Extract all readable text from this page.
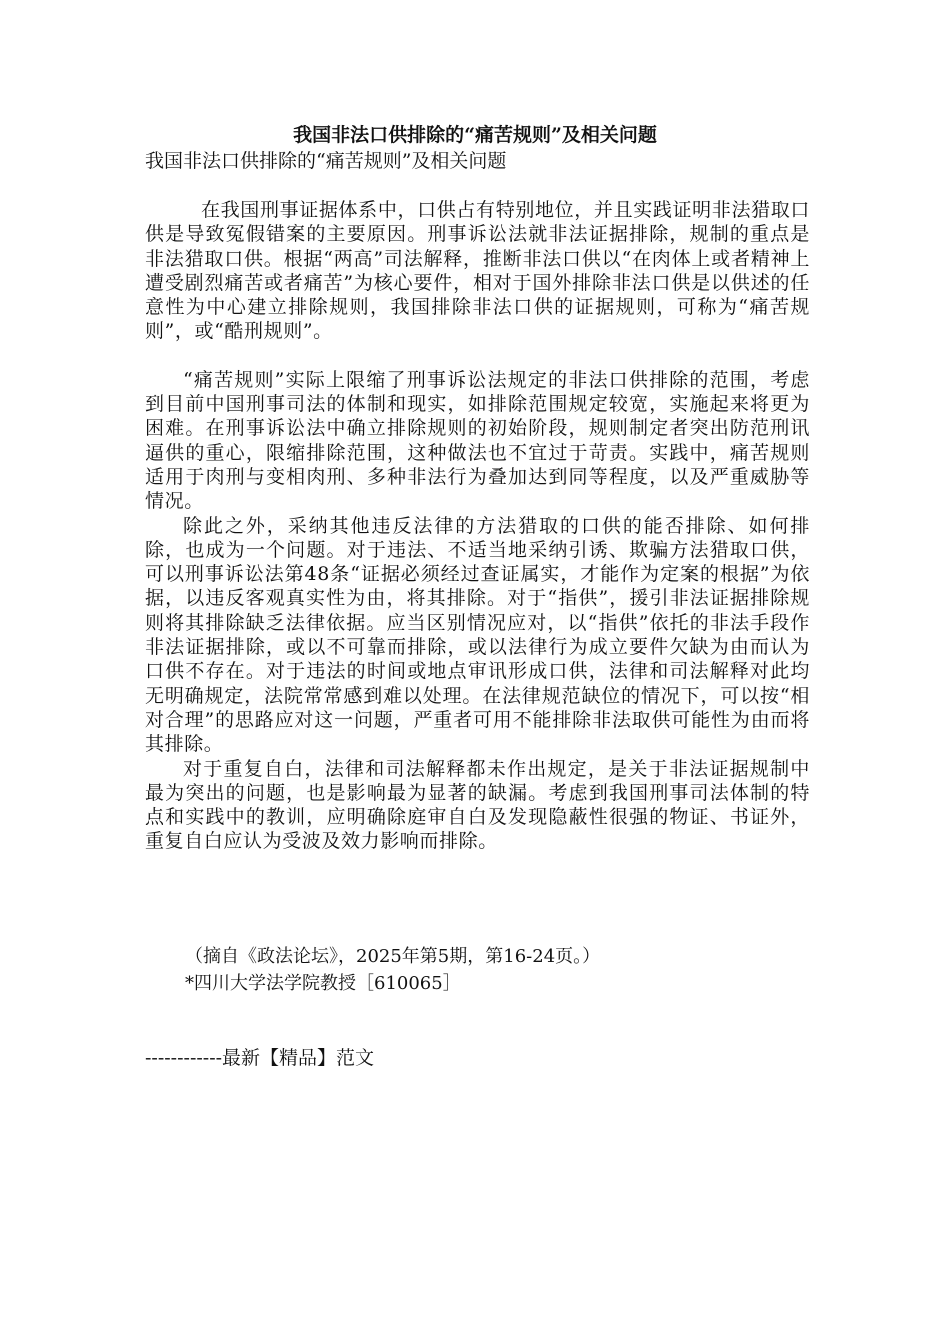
我国非法口供排除的“痛苦规则”及相关问题
我国非法口供排除的“痛苦规则”及相关问题

在我国刑事证据体系中，口供占有特别地位，并且实践证明非法猎取口供是导致冤假错案的主要原因。刑事诉讼法就非法证据排除，规制的重点是非法猎取口供。根据“两高”司法解释，推断非法口供以“在肉体上或者精神上遭受剧烈痛苦或者痛苦”为核心要件，相对于国外排除非法口供是以供述的任意性为中心建立排除规则，我国排除非法口供的证据规则，可称为“痛苦规则”，或“酷刑规则”。

“痛苦规则”实际上限缩了刑事诉讼法规定的非法口供排除的范围，考虑到目前中国刑事司法的体制和现实，如排除范围规定较宽，实施起来将更为困难。在刑事诉讼法中确立排除规则的初始阶段，规则制定者突出防范刑讯逼供的重心，限缩排除范围，这种做法也不宜过于苛责。实践中，痛苦规则适用于肉刑与变相肉刑、多种非法行为叠加达到同等程度，以及严重威胁等情况。

除此之外，采纳其他违反法律的方法猎取的口供的能否排除、如何排除，也成为一个问题。对于违法、不适当地采纳引诱、欺骗方法猎取口供，可以刑事诉讼法第48条“证据必须经过查证属实，才能作为定案的根据”为依据，以违反客观真实性为由，将其排除。对于“指供”，援引非法证据排除规则将其排除缺乏法律依据。应当区别情况应对，以“指供”依托的非法手段作非法证据排除，或以不可靠而排除，或以法律行为成立要件欠缺为由而认为口供不存在。对于违法的时间或地点审讯形成口供，法律和司法解释对此均无明确规定，法院常常感到难以处理。在法律规范缺位的情况下，可以按“相对合理”的思路应对这一问题，严重者可用不能排除非法取供可能性为由而将其排除。

对于重复自白，法律和司法解释都未作出规定，是关于非法证据规制中最为突出的问题，也是影响最为显著的缺漏。考虑到我国刑事司法体制的特点和实践中的教训，应明确除庭审自白及发现隐蔽性很强的物证、书证外，重复自白应认为受波及效力影响而排除。

（摘自《政法论坛》，2025年第5期，第16-24页。）
*四川大学法学院教授［610065］
------------最新【精品】范文
